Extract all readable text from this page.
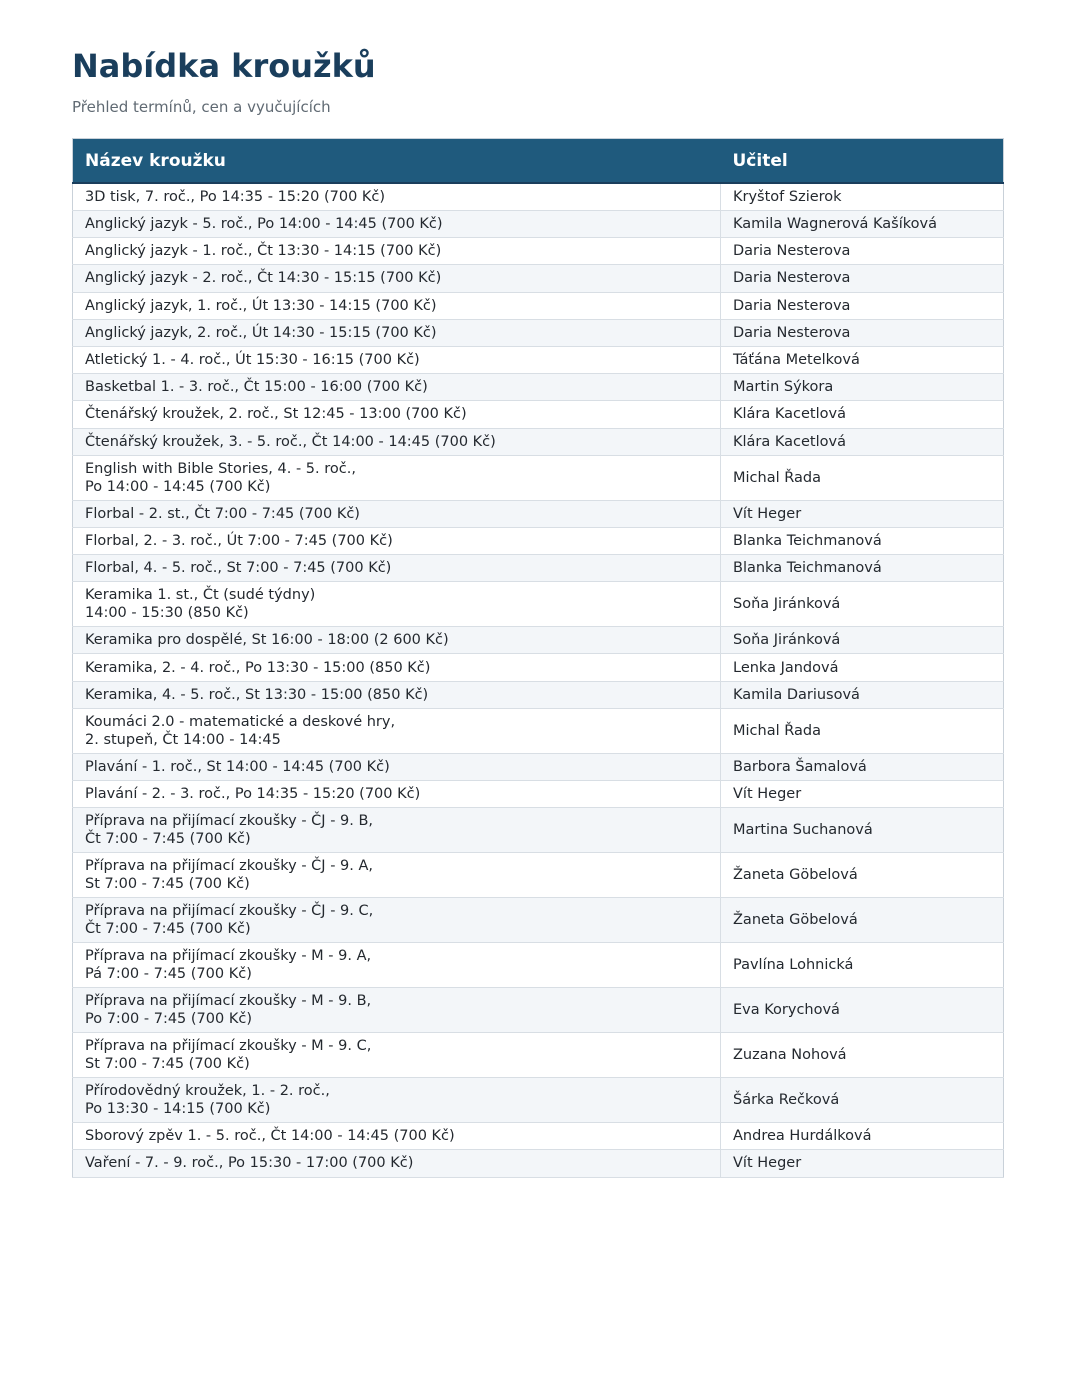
Nabídka kroužků

Přehled termínů, cen a vyučujících

Název kroužku	Učitel
3D tisk, 7. roč., Po 14:35 - 15:20 (700 Kč)	Kryštof Szierok
Anglický jazyk - 5. roč., Po 14:00 - 14:45 (700 Kč)	Kamila Wagnerová Kašíková
Anglický jazyk - 1. roč., Čt 13:30 - 14:15 (700 Kč)	Daria Nesterova
Anglický jazyk - 2. roč., Čt 14:30 - 15:15 (700 Kč)	Daria Nesterova
Anglický jazyk, 1. roč., Út 13:30 - 14:15 (700 Kč)	Daria Nesterova
Anglický jazyk, 2. roč., Út 14:30 - 15:15 (700 Kč)	Daria Nesterova
Atletický 1. - 4. roč., Út 15:30 - 16:15 (700 Kč)	Táťána Metelková
Basketbal 1. - 3. roč., Čt 15:00 - 16:00 (700 Kč)	Martin Sýkora
Čtenářský kroužek, 2. roč., St 12:45 - 13:00 (700 Kč)	Klára Kacetlová
Čtenářský kroužek, 3. - 5. roč., Čt 14:00 - 14:45 (700 Kč)	Klára Kacetlová
English with Bible Stories, 4. - 5. roč.,
Po 14:00 - 14:45 (700 Kč)	Michal Řada
Florbal - 2. st., Čt 7:00 - 7:45 (700 Kč)	Vít Heger
Florbal, 2. - 3. roč., Út 7:00 - 7:45 (700 Kč)	Blanka Teichmanová
Florbal, 4. - 5. roč., St 7:00 - 7:45 (700 Kč)	Blanka Teichmanová
Keramika 1. st., Čt (sudé týdny)
14:00 - 15:30 (850 Kč)	Soňa Jiránková
Keramika pro dospělé, St 16:00 - 18:00 (2 600 Kč)	Soňa Jiránková
Keramika, 2. - 4. roč., Po 13:30 - 15:00 (850 Kč)	Lenka Jandová
Keramika, 4. - 5. roč., St 13:30 - 15:00 (850 Kč)	Kamila Dariusová
Koumáci 2.0 - matematické a deskové hry,
2. stupeň, Čt 14:00 - 14:45	Michal Řada
Plavání - 1. roč., St 14:00 - 14:45 (700 Kč)	Barbora Šamalová
Plavání - 2. - 3. roč., Po 14:35 - 15:20 (700 Kč)	Vít Heger
Příprava na přijímací zkoušky - ČJ - 9. B,
Čt 7:00 - 7:45 (700 Kč)	Martina Suchanová
Příprava na přijímací zkoušky - ČJ - 9. A,
St 7:00 - 7:45 (700 Kč)	Žaneta Göbelová
Příprava na přijímací zkoušky - ČJ - 9. C,
Čt 7:00 - 7:45 (700 Kč)	Žaneta Göbelová
Příprava na přijímací zkoušky - M - 9. A,
Pá 7:00 - 7:45 (700 Kč)	Pavlína Lohnická
Příprava na přijímací zkoušky - M - 9. B,
Po 7:00 - 7:45 (700 Kč)	Eva Korychová
Příprava na přijímací zkoušky - M - 9. C,
St 7:00 - 7:45 (700 Kč)	Zuzana Nohová
Přírodovědný kroužek, 1. - 2. roč.,
Po 13:30 - 14:15 (700 Kč)	Šárka Rečková
Sborový zpěv 1. - 5. roč., Čt 14:00 - 14:45 (700 Kč)	Andrea Hurdálková
Vaření - 7. - 9. roč., Po 15:30 - 17:00 (700 Kč)	Vít Heger
